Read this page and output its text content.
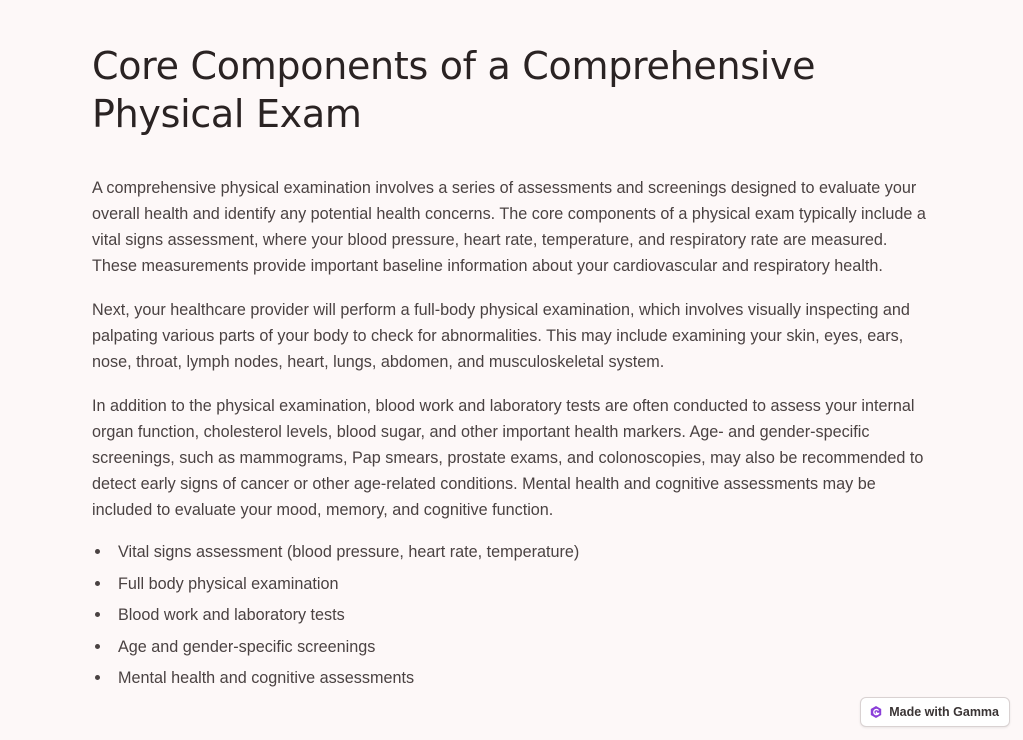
Core Components of a Comprehensive Physical Exam

A comprehensive physical examination involves a series of assessments and screenings designed to evaluate your overall health and identify any potential health concerns. The core components of a physical exam typically include a vital signs assessment, where your blood pressure, heart rate, temperature, and respiratory rate are measured. These measurements provide important baseline information about your cardiovascular and respiratory health.

Next, your healthcare provider will perform a full-body physical examination, which involves visually inspecting and palpating various parts of your body to check for abnormalities. This may include examining your skin, eyes, ears, nose, throat, lymph nodes, heart, lungs, abdomen, and musculoskeletal system.

In addition to the physical examination, blood work and laboratory tests are often conducted to assess your internal organ function, cholesterol levels, blood sugar, and other important health markers. Age- and gender-specific screenings, such as mammograms, Pap smears, prostate exams, and colonoscopies, may also be recommended to detect early signs of cancer or other age-related conditions. Mental health and cognitive assessments may be included to evaluate your mood, memory, and cognitive function.

Vital signs assessment (blood pressure, heart rate, temperature)
Full body physical examination
Blood work and laboratory tests
Age and gender-specific screenings
Mental health and cognitive assessments
Made with Gamma
